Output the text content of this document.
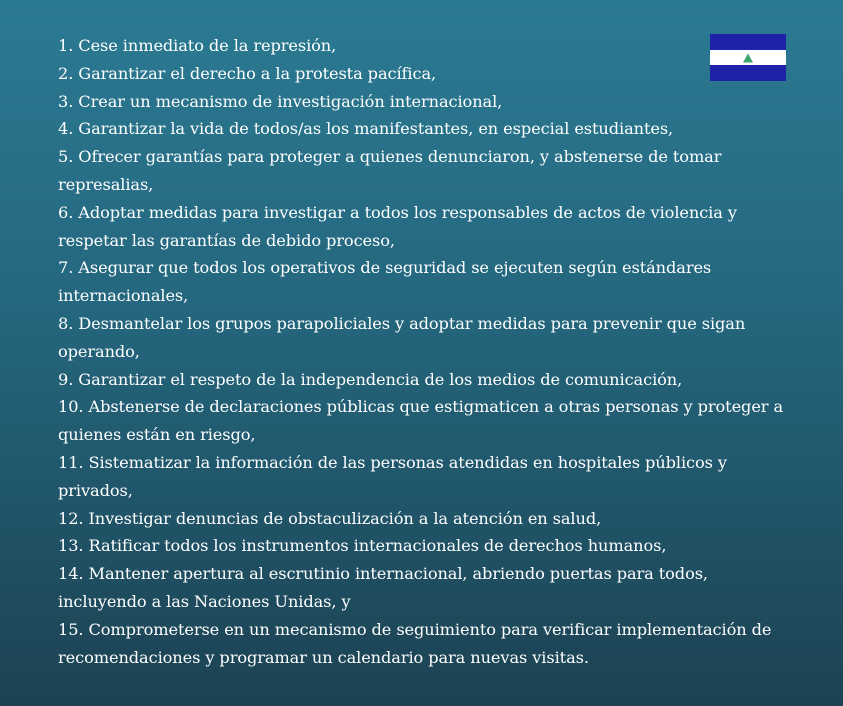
1. Cese inmediato de la represión,
2. Garantizar el derecho a la protesta pacífica,
3. Crear un mecanismo de investigación internacional,
4. Garantizar la vida de todos/as los manifestantes, en especial estudiantes,
5. Ofrecer garantías para proteger a quienes denunciaron, y abstenerse de tomar represalias,
6. Adoptar medidas para investigar a todos los responsables de actos de violencia y respetar las garantías de debido proceso,
7. Asegurar que todos los operativos de seguridad se ejecuten según estándares internacionales,
8. Desmantelar los grupos parapoliciales y adoptar medidas para prevenir que sigan operando,
9. Garantizar el respeto de la independencia de los medios de comunicación,
10. Abstenerse de declaraciones públicas que estigmaticen a otras personas y proteger a quienes están en riesgo,
11. Sistematizar la información de las personas atendidas en hospitales públicos y privados,
12. Investigar denuncias de obstaculización a la atención en salud,
13. Ratificar todos los instrumentos internacionales de derechos humanos,
14. Mantener apertura al escrutinio internacional, abriendo puertas para todos, incluyendo a las Naciones Unidas, y
15. Comprometerse en un mecanismo de seguimiento para verificar implementación de recomendaciones y programar un calendario para nuevas visitas.
